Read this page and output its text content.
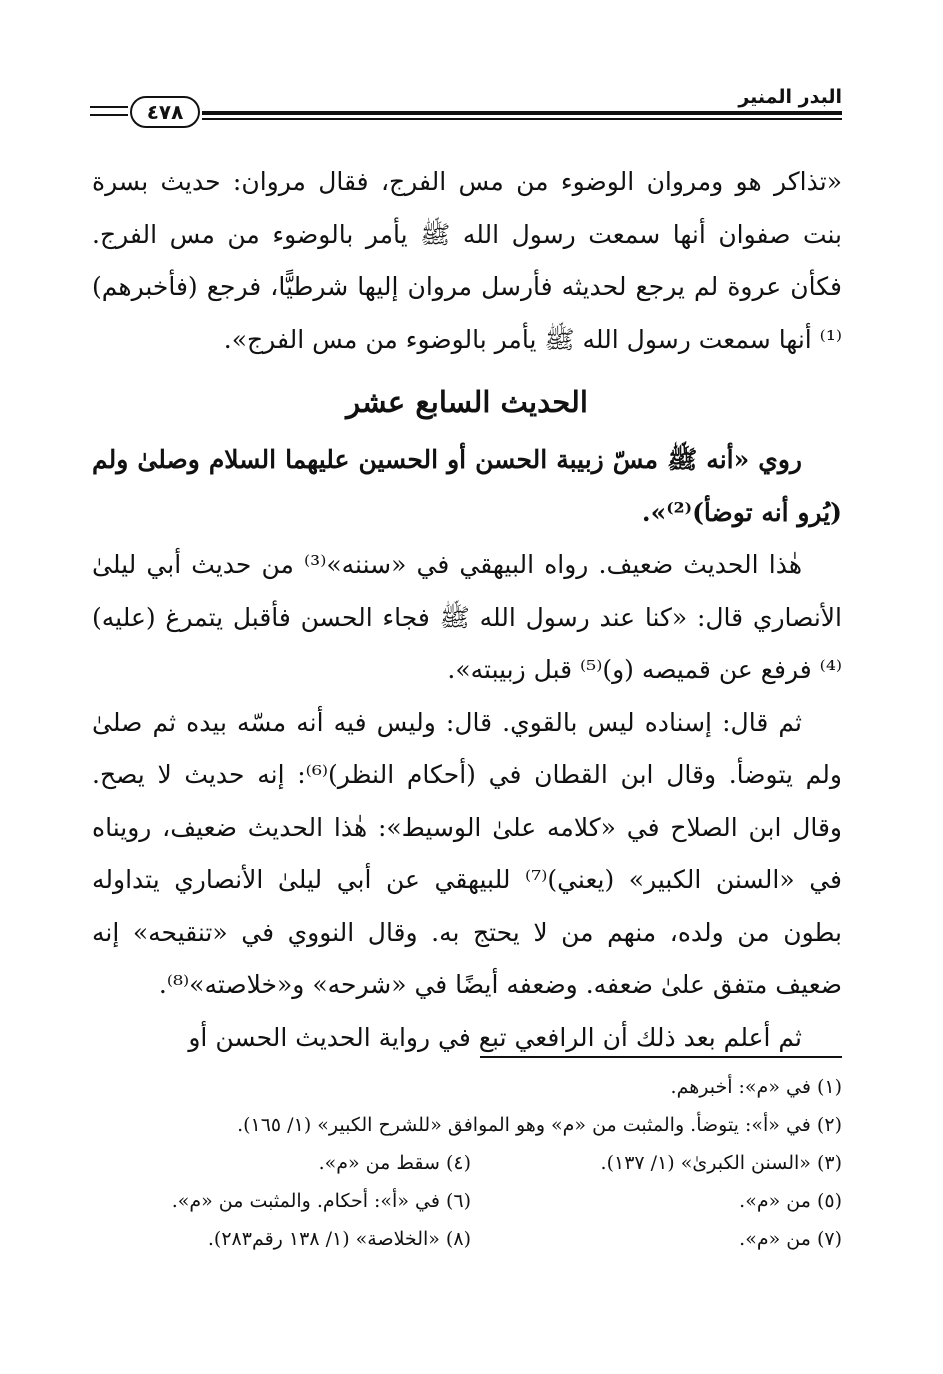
البدر المنير
٤٧٨

«تذاكر هو ومروان الوضوء من مس الفرج، فقال مروان: حديث بسرة بنت صفوان أنها سمعت رسول الله ﷺ يأمر بالوضوء من مس الفرج. فكأن عروة لم يرجع لحديثه فأرسل مروان إليها شرطيًّا، فرجع (فأخبرهم)⁽¹⁾ أنها سمعت رسول الله ﷺ يأمر بالوضوء من مس الفرج».

الحديث السابع عشر

روي «أنه ﷺ مسّ زبيبة الحسن أو الحسين عليهما السلام وصلىٰ ولم (يُرو أنه توضأ)⁽²⁾».

هٰذا الحديث ضعيف. رواه البيهقي في «سننه»⁽³⁾ من حديث أبي ليلىٰ الأنصاري قال: «كنا عند رسول الله ﷺ فجاء الحسن فأقبل يتمرغ (عليه)⁽⁴⁾ فرفع عن قميصه (و)⁽⁵⁾ قبل زبيبته».

ثم قال: إسناده ليس بالقوي. قال: وليس فيه أنه مسّه بيده ثم صلىٰ ولم يتوضأ. وقال ابن القطان في (أحكام النظر)⁽⁶⁾: إنه حديث لا يصح. وقال ابن الصلاح في «كلامه علىٰ الوسيط»: هٰذا الحديث ضعيف، رويناه في «السنن الكبير» (يعني)⁽⁷⁾ للبيهقي عن أبي ليلىٰ الأنصاري يتداوله بطون من ولده، منهم من لا يحتج به. وقال النووي في «تنقيحه» إنه ضعيف متفق علىٰ ضعفه. وضعفه أيضًا في «شرحه» و«خلاصته»⁽⁸⁾.

ثم أعلم بعد ذلك أن الرافعي تبع في رواية الحديث الحسن أو

(١) في «م»: أخبرهم.
(٢) في «أ»: يتوضأ. والمثبت من «م» وهو الموافق «للشرح الكبير» (١/ ١٦٥).
(٣) «السنن الكبرىٰ» (١/ ١٣٧).
(٤) سقط من «م».
(٥) من «م».
(٦) في «أ»: أحكام. والمثبت من «م».
(٧) من «م».
(٨) «الخلاصة» (١/ ١٣٨ رقم٢٨٣).
